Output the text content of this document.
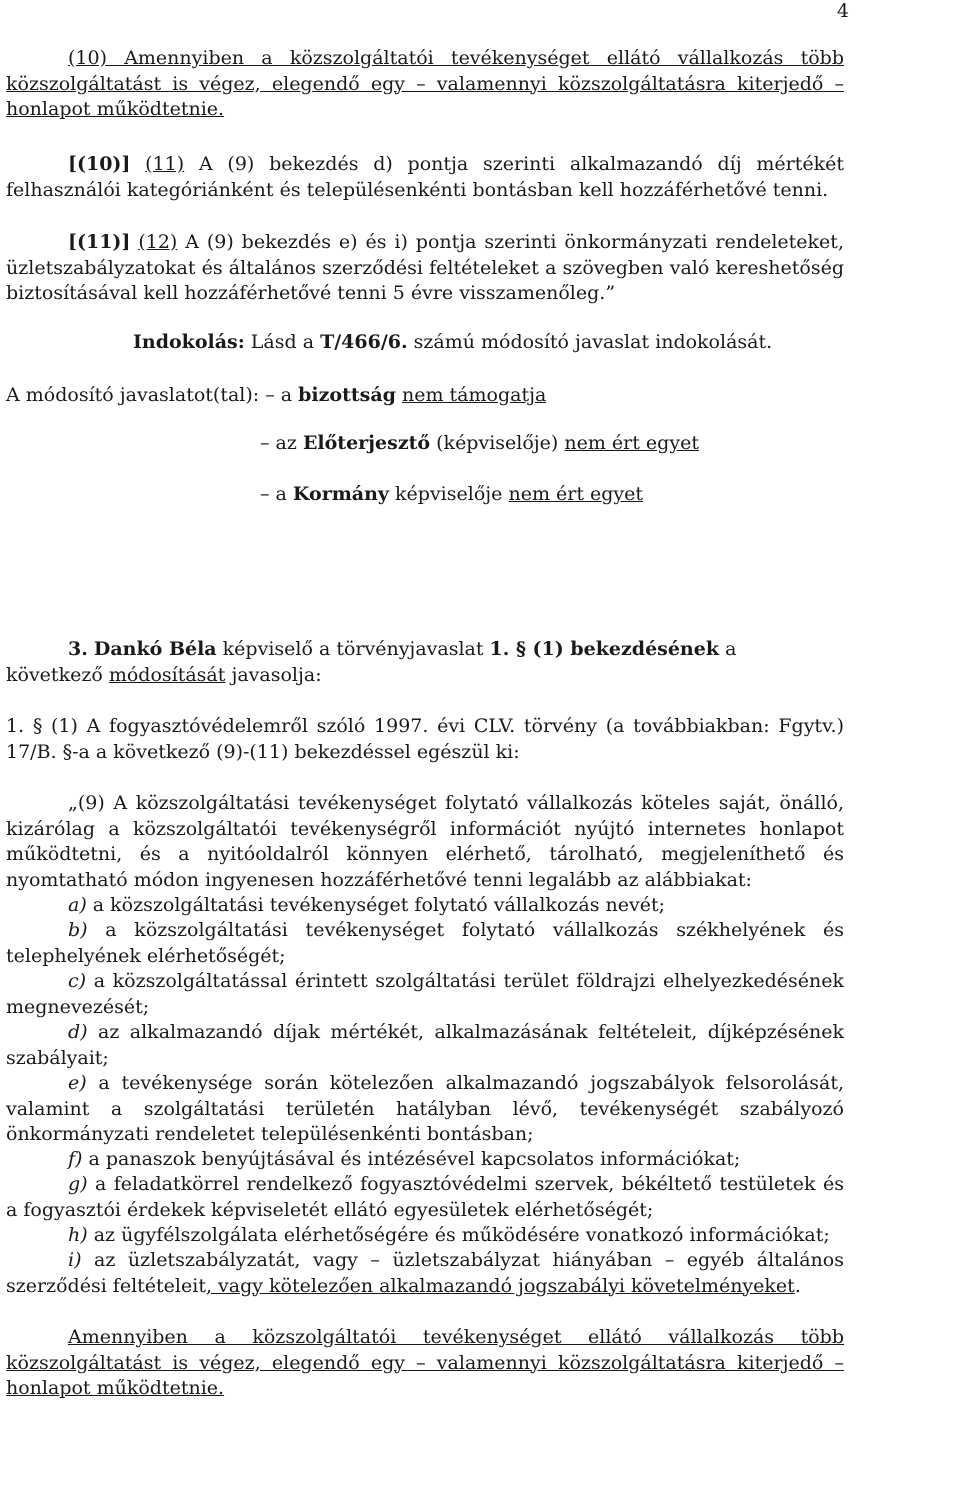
4
(10) Amennyiben a közszolgáltatói tevékenységet ellátó vállalkozás több közszolgáltatást is végez, elegendő egy – valamennyi közszolgáltatásra kiterjedő – honlapot működtetnie.
[(10)] (11) A (9) bekezdés d) pontja szerinti alkalmazandó díj mértékét felhasználói kategóriánként és településenkénti bontásban kell hozzáférhetővé tenni.
[(11)] (12) A (9) bekezdés e) és i) pontja szerinti önkormányzati rendeleteket, üzletszabályzatokat és általános szerződési feltételeket a szövegben való kereshetőség biztosításával kell hozzáférhetővé tenni 5 évre visszamenőleg.”
Indokolás: Lásd a T/466/6. számú módosító javaslat indokolását.
A módosító javaslatot(tal): – a bizottság nem támogatja
– az Előterjesztő (képviselője) nem ért egyet
– a Kormány képviselője nem ért egyet
3. Dankó Béla képviselő a törvényjavaslat 1. § (1) bekezdésének a
következő módosítását javasolja:
1. § (1) A fogyasztóvédelemről szóló 1997. évi CLV. törvény (a továbbiakban: Fgytv.) 17/B. §-a a következő (9)-(11) bekezdéssel egészül ki:
„(9) A közszolgáltatási tevékenységet folytató vállalkozás köteles saját, önálló, kizárólag a közszolgáltatói tevékenységről információt nyújtó internetes honlapot működtetni, és a nyitóoldalról könnyen elérhető, tárolható, megjeleníthető és nyomtatható módon ingyenesen hozzáférhetővé tenni legalább az alábbiakat:
a) a közszolgáltatási tevékenységet folytató vállalkozás nevét;
b) a közszolgáltatási tevékenységet folytató vállalkozás székhelyének és telephelyének elérhetőségét;
c) a közszolgáltatással érintett szolgáltatási terület földrajzi elhelyezkedésének megnevezését;
d) az alkalmazandó díjak mértékét, alkalmazásának feltételeit, díjképzésének szabályait;
e) a tevékenysége során kötelezően alkalmazandó jogszabályok felsorolását, valamint a szolgáltatási területén hatályban lévő, tevékenységét szabályozó önkormányzati rendeletet településenkénti bontásban;
f) a panaszok benyújtásával és intézésével kapcsolatos információkat;
g) a feladatkörrel rendelkező fogyasztóvédelmi szervek, békéltető testületek és a fogyasztói érdekek képviseletét ellátó egyesületek elérhetőségét;
h) az ügyfélszolgálata elérhetőségére és működésére vonatkozó információkat;
i) az üzletszabályzatát, vagy – üzletszabályzat hiányában – egyéb általános szerződési feltételeit, vagy kötelezően alkalmazandó jogszabályi követelményeket.
Amennyiben a közszolgáltatói tevékenységet ellátó vállalkozás több közszolgáltatást is végez, elegendő egy – valamennyi közszolgáltatásra kiterjedő – honlapot működtetnie.
